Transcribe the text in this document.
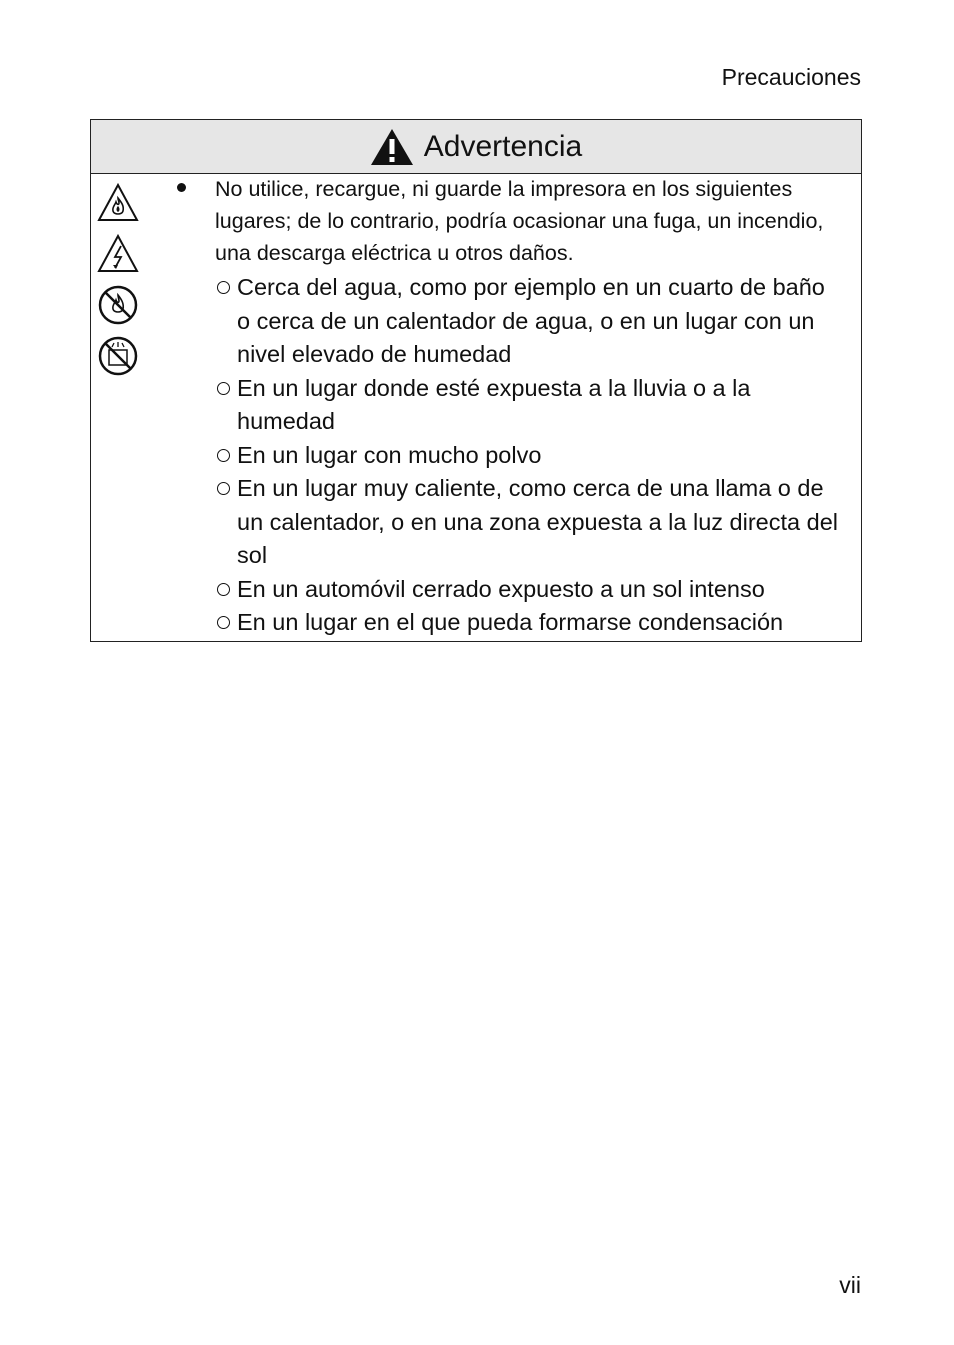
Precauciones
Advertencia
No utilice, recargue, ni guarde la impresora en los siguientes lugares; de lo contrario, podría ocasionar una fuga, un incendio, una descarga eléctrica u otros daños.
Cerca del agua, como por ejemplo en un cuarto de baño o cerca de un calentador de agua, o en un lugar con un nivel elevado de humedad
En un lugar donde esté expuesta a la lluvia o a la humedad
En un lugar con mucho polvo
En un lugar muy caliente, como cerca de una llama o de un calentador, o en una zona expuesta a la luz directa del sol
En un automóvil cerrado expuesto a un sol intenso
En un lugar en el que pueda formarse condensación
vii
